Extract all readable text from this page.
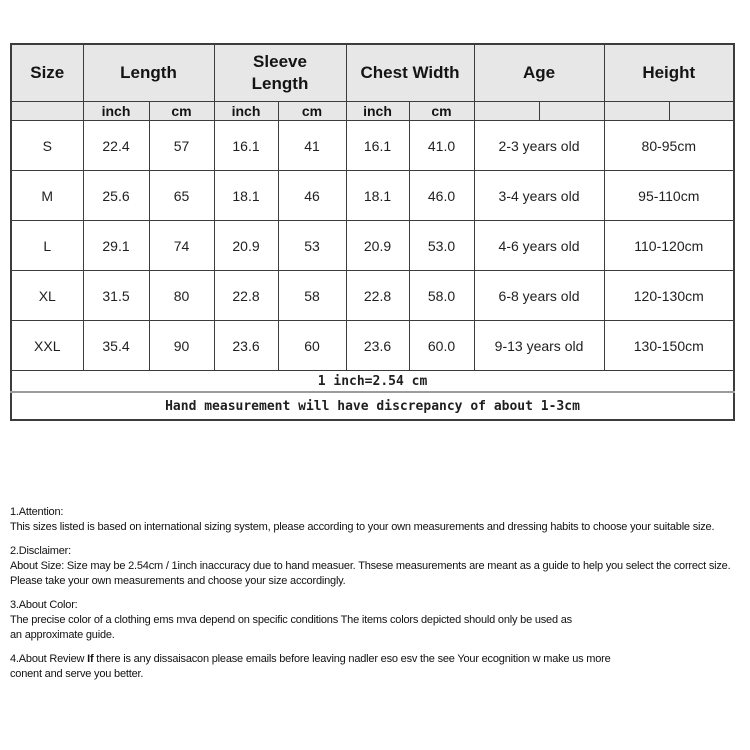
Size	Length		Sleeve Length		Chest Width		Age		Height	
	inch	cm	inch	cm	inch	cm				
S	22.4	57	16.1	41	16.1	41.0	2-3 years old		80-95cm	
M	25.6	65	18.1	46	18.1	46.0	3-4 years old		95-110cm	
L	29.1	74	20.9	53	20.9	53.0	4-6 years old		110-120cm	
XL	31.5	80	22.8	58	22.8	58.0	6-8 years old		120-130cm	
XXL	35.4	90	23.6	60	23.6	60.0	9-13 years old		130-150cm	
1 inch=2.54 cm										
Hand measurement will have discrepancy of about 1-3cm										
1.Attention:
This sizes listed is based on international sizing system, please according to your own measurements and dressing habits to choose your suitable size.
2.Disclaimer:
About Size: Size may be 2.54cm / 1inch inaccuracy due to hand measuer. Thsese measurements are meant as a guide to help you select the correct size.
Please take your own measurements and choose your size accordingly.
3.About Color:
The precise color of a clothing ems mva depend on specific conditions The items colors depicted should only be used as
an approximate guide.
4.About Review If there is any dissaisacon please emails before leaving nadler eso esv the see Your ecognition w make us more
conent and serve you better.
